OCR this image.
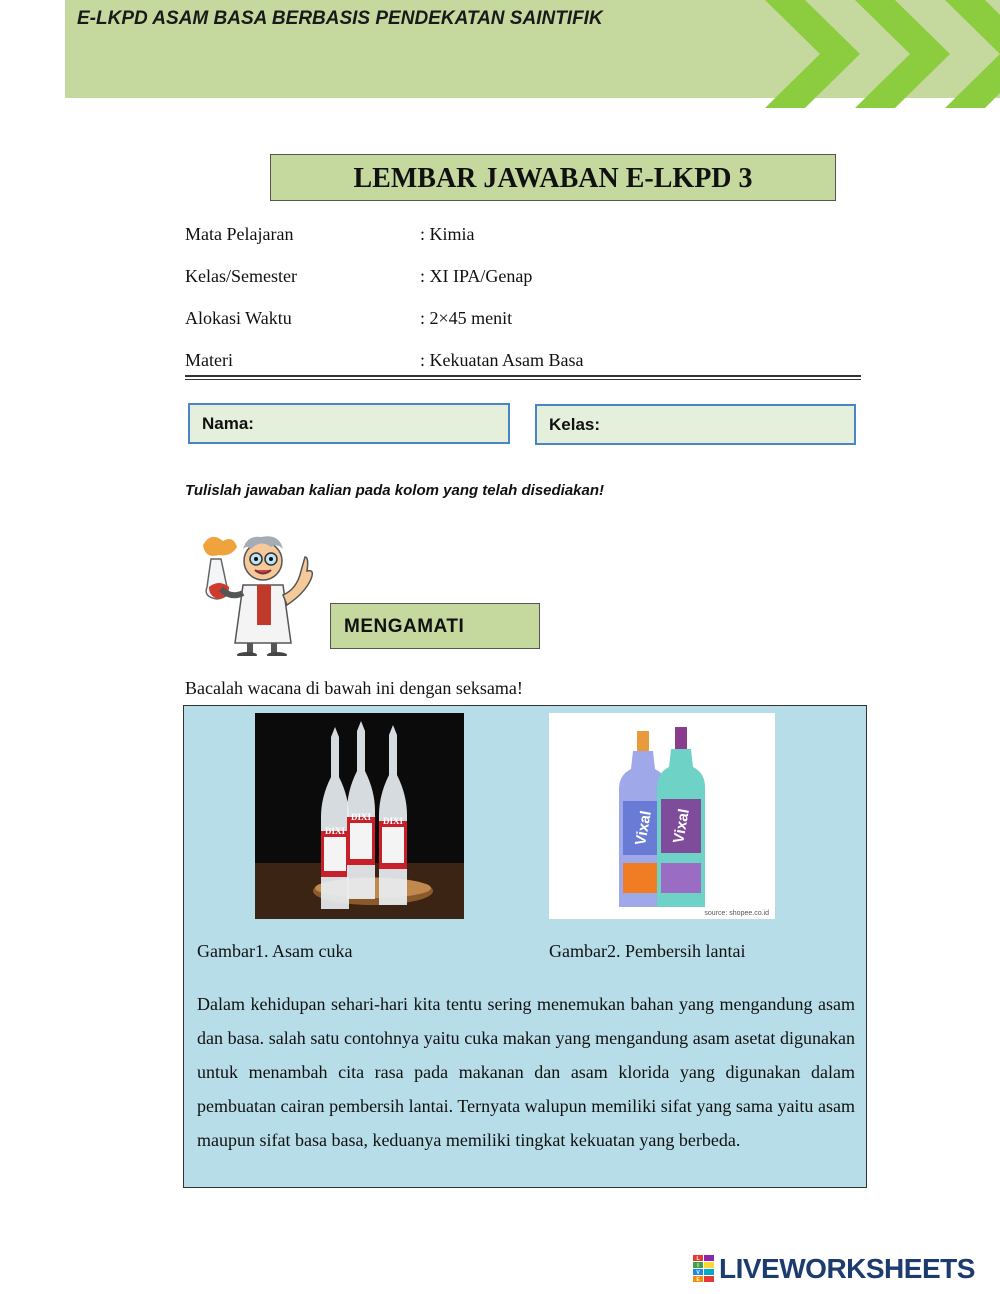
E-LKPD ASAM BASA BERBASIS PENDEKATAN SAINTIFIK
LEMBAR JAWABAN E-LKPD 3
Mata Pelajaran	: Kimia
Kelas/Semester	: XI IPA/Genap
Alokasi Waktu	: 2×45 menit
Materi	: Kekuatan Asam Basa
Nama:	Kelas:
Tulislah jawaban kalian pada kolom yang telah disediakan!
MENGAMATI
Bacalah wacana di bawah ini dengan seksama!
DIXI
DIXI DIXI	Vixal Vixal
source: shopee.co.id
Gambar1. Asam cuka	Gambar2. Pembersih lantai
Dalam kehidupan sehari-hari kita tentu sering menemukan bahan yang mengandung asam dan basa. salah satu contohnya yaitu cuka makan yang mengandung asam asetat digunakan untuk menambah cita rasa pada makanan dan asam klorida yang digunakan dalam pembuatan cairan pembersih lantai. Ternyata walupun memiliki sifat yang sama yaitu asam maupun sifat basa basa, keduanya memiliki tingkat kekuatan yang berbeda.
L
I
V
E LIVEWORKSHEETS
